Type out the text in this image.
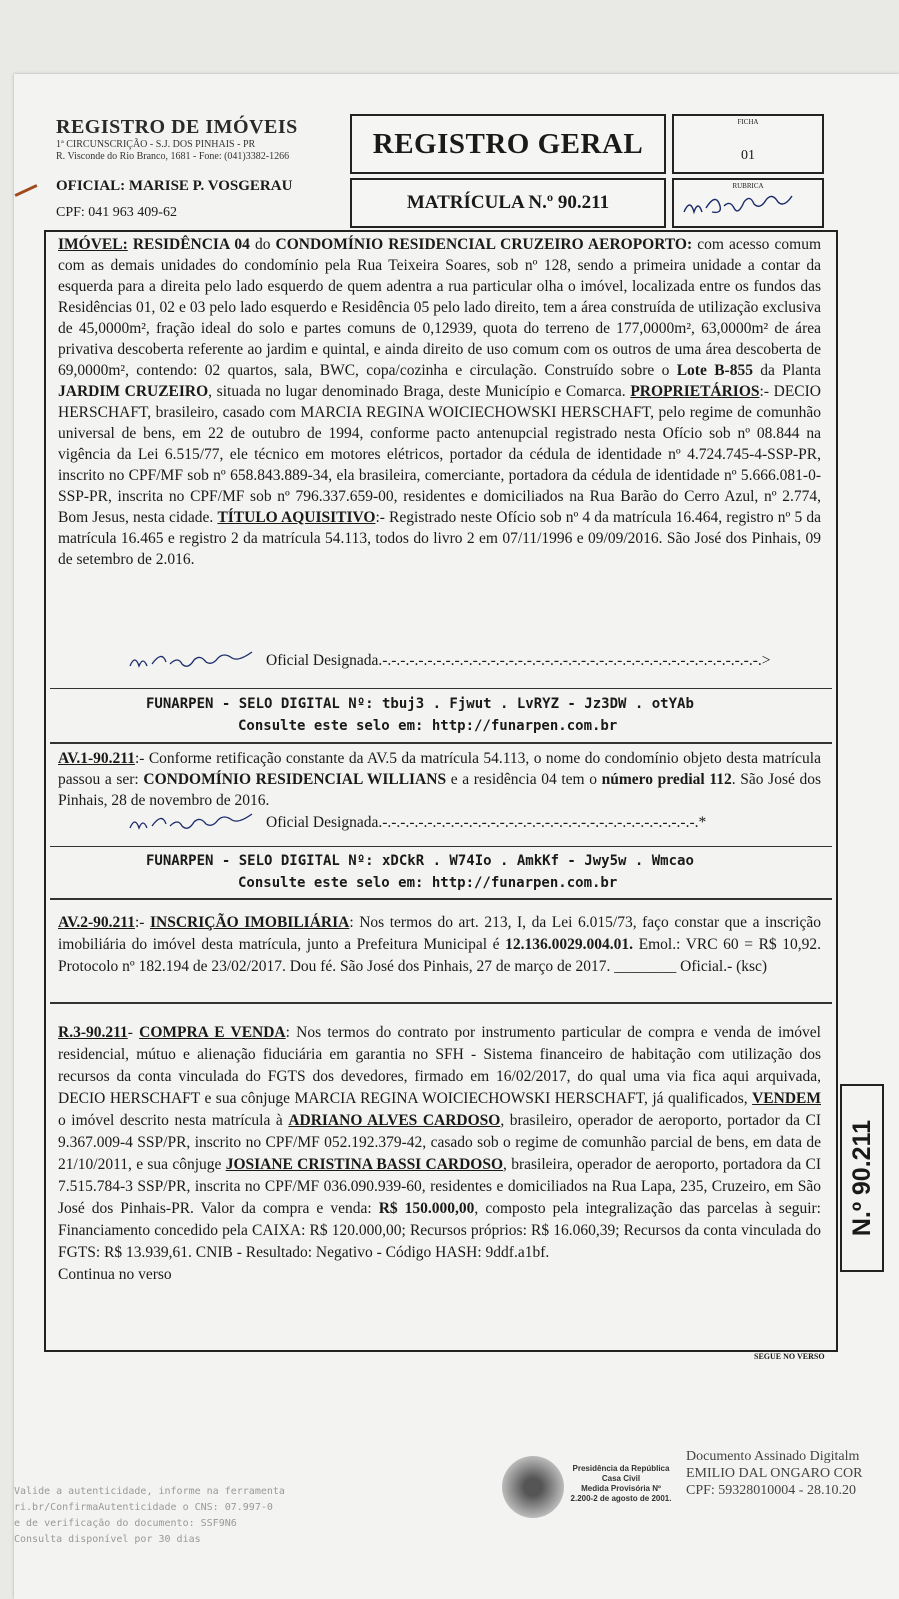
REGISTRO DE IMÓVEIS
1ª CIRCUNSCRIÇÃO - S.J. DOS PINHAIS - PR
R. Visconde do Rio Branco, 1681 - Fone: (041)3382-1266
OFICIAL: MARISE P. VOSGERAU
CPF: 041 963 409-62
REGISTRO GERAL
FICHA
01
MATRÍCULA N.º 90.211
RUBRICA
IMÓVEL: RESIDÊNCIA 04 do CONDOMÍNIO RESIDENCIAL CRUZEIRO AEROPORTO: com acesso comum com as demais unidades do condomínio pela Rua Teixeira Soares, sob nº 128, sendo a primeira unidade a contar da esquerda para a direita pelo lado esquerdo de quem adentra a rua particular olha o imóvel, localizada entre os fundos das Residências 01, 02 e 03 pelo lado esquerdo e Residência 05 pelo lado direito, tem a área construída de utilização exclusiva de 45,0000m², fração ideal do solo e partes comuns de 0,12939, quota do terreno de 177,0000m², 63,0000m² de área privativa descoberta referente ao jardim e quintal, e ainda direito de uso comum com os outros de uma área descoberta de 69,0000m², contendo: 02 quartos, sala, BWC, copa/cozinha e circulação. Construído sobre o Lote B-855 da Planta JARDIM CRUZEIRO, situada no lugar denominado Braga, deste Município e Comarca. PROPRIETÁRIOS:- DECIO HERSCHAFT, brasileiro, casado com MARCIA REGINA WOICIECHOWSKI HERSCHAFT, pelo regime de comunhão universal de bens, em 22 de outubro de 1994, conforme pacto antenupcial registrado nesta Ofício sob nº 08.844 na vigência da Lei 6.515/77, ele técnico em motores elétricos, portador da cédula de identidade nº 4.724.745-4-SSP-PR, inscrito no CPF/MF sob nº 658.843.889-34, ela brasileira, comerciante, portadora da cédula de identidade nº 5.666.081-0-SSP-PR, inscrita no CPF/MF sob nº 796.337.659-00, residentes e domiciliados na Rua Barão do Cerro Azul, nº 2.774, Bom Jesus, nesta cidade. TÍTULO AQUISITIVO:- Registrado neste Ofício sob nº 4 da matrícula 16.464, registro nº 5 da matrícula 16.465 e registro 2 da matrícula 54.113, todos do livro 2 em 07/11/1996 e 09/09/2016. São José dos Pinhais, 09 de setembro de 2.016.
Oficial Designada.-.-.-.-.-.-.-.-.-.-.-.-.-.-.-.-.-.-.-.-.-.-.-.-.-.-.-.-.-.-.-.-.-.-.-.-.-.-.-.-.-.-.>
FUNARPEN - SELO DIGITAL Nº: tbuj3 . Fjwut . LvRYZ - Jz3DW . otYAb
Consulte este selo em: http://funarpen.com.br
AV.1-90.211:- Conforme retificação constante da AV.5 da matrícula 54.113, o nome do condomínio objeto desta matrícula passou a ser: CONDOMÍNIO RESIDENCIAL WILLIANS e a residência 04 tem o número predial 112. São José dos Pinhais, 28 de novembro de 2016.
Oficial Designada.-.-.-.-.-.-.-.-.-.-.-.-.-.-.-.-.-.-.-.-.-.-.-.-.-.-.-.-.-.-.-.-.-.-.-.*
FUNARPEN - SELO DIGITAL Nº: xDCkR . W74Io . AmkKf - Jwy5w . Wmcao
Consulte este selo em: http://funarpen.com.br
AV.2-90.211:- INSCRIÇÃO IMOBILIÁRIA: Nos termos do art. 213, I, da Lei 6.015/73, faço constar que a inscrição imobiliária do imóvel desta matrícula, junto a Prefeitura Municipal é 12.136.0029.004.01. Emol.: VRC 60 = R$ 10,92. Protocolo nº 182.194 de 23/02/2017. Dou fé. São José dos Pinhais, 27 de março de 2017. ________ Oficial.- (ksc)
R.3-90.211- COMPRA E VENDA: Nos termos do contrato por instrumento particular de compra e venda de imóvel residencial, mútuo e alienação fiduciária em garantia no SFH - Sistema financeiro de habitação com utilização dos recursos da conta vinculada do FGTS dos devedores, firmado em 16/02/2017, do qual uma via fica aqui arquivada, DECIO HERSCHAFT e sua cônjuge MARCIA REGINA WOICIECHOWSKI HERSCHAFT, já qualificados, VENDEM o imóvel descrito nesta matrícula à ADRIANO ALVES CARDOSO, brasileiro, operador de aeroporto, portador da CI 9.367.009-4 SSP/PR, inscrito no CPF/MF 052.192.379-42, casado sob o regime de comunhão parcial de bens, em data de 21/10/2011, e sua cônjuge JOSIANE CRISTINA BASSI CARDOSO, brasileira, operador de aeroporto, portadora da CI 7.515.784-3 SSP/PR, inscrita no CPF/MF 036.090.939-60, residentes e domiciliados na Rua Lapa, 235, Cruzeiro, em São José dos Pinhais-PR. Valor da compra e venda: R$ 150.000,00, composto pela integralização das parcelas à seguir: Financiamento concedido pela CAIXA: R$ 120.000,00; Recursos próprios: R$ 16.060,39; Recursos da conta vinculada do FGTS: R$ 13.939,61. CNIB - Resultado: Negativo - Código HASH: 9ddf.a1bf.
Continua no verso
N.º 90.211
SEGUE NO VERSO
Valide a autenticidade, informe na ferramenta
ri.br/ConfirmaAutenticidade o CNS: 07.997-0
e de verificação do documento: SSF9N6
Consulta disponível por 30 dias
Presidência da República
Casa Civil
Medida Provisória Nº
2.200-2 de agosto de 2001.
Documento Assinado Digitalm
EMILIO DAL ONGARO COR
CPF: 59328010004 - 28.10.20
